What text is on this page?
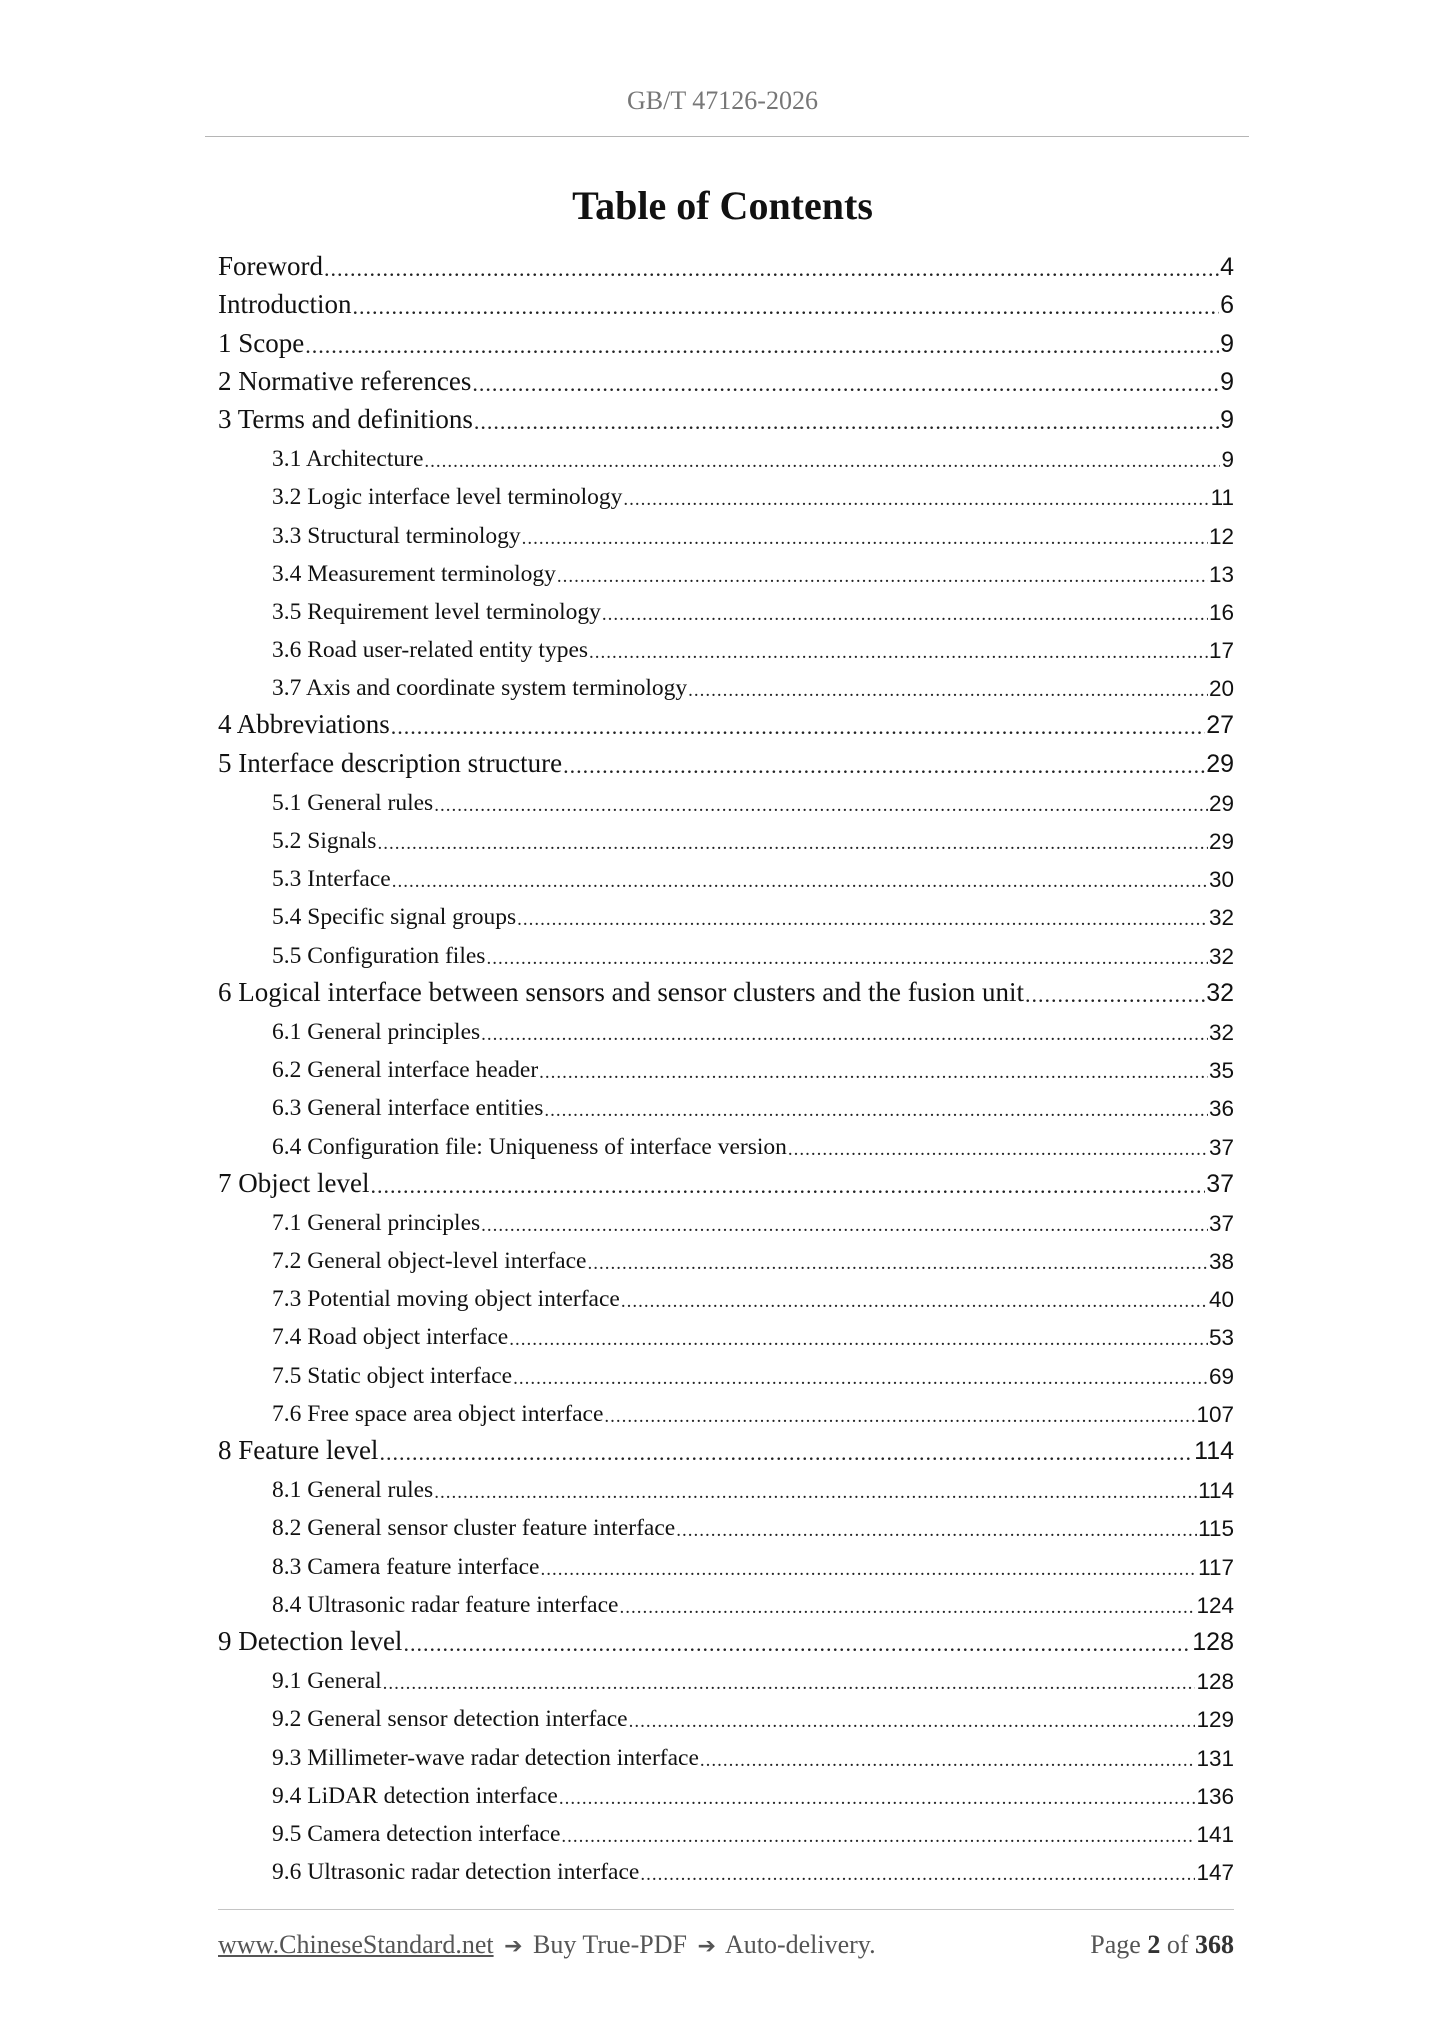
GB/T 47126-2026
Table of Contents
Foreword .....	4
Introduction .....	6
1 Scope .....	9
2 Normative references .....	9
3 Terms and definitions .....	9
3.1 Architecture .....	9
3.2 Logic interface level terminology .....	11
3.3 Structural terminology .....	12
3.4 Measurement terminology .....	13
3.5 Requirement level terminology .....	16
3.6 Road user-related entity types .....	17
3.7 Axis and coordinate system terminology .....	20
4 Abbreviations .....	27
5 Interface description structure .....	29
5.1 General rules .....	29
5.2 Signals .....	29
5.3 Interface .....	30
5.4 Specific signal groups .....	32
5.5 Configuration files .....	32
6 Logical interface between sensors and sensor clusters and the fusion unit .....	32
6.1 General principles .....	32
6.2 General interface header .....	35
6.3 General interface entities .....	36
6.4 Configuration file: Uniqueness of interface version .....	37
7 Object level .....	37
7.1 General principles .....	37
7.2 General object-level interface .....	38
7.3 Potential moving object interface .....	40
7.4 Road object interface .....	53
7.5 Static object interface .....	69
7.6 Free space area object interface .....	107
8 Feature level .....	114
8.1 General rules .....	114
8.2 General sensor cluster feature interface .....	115
8.3 Camera feature interface .....	117
8.4 Ultrasonic radar feature interface .....	124
9 Detection level .....	128
9.1 General .....	128
9.2 General sensor detection interface .....	129
9.3 Millimeter-wave radar detection interface .....	131
9.4 LiDAR detection interface .....	136
9.5 Camera detection interface .....	141
9.6 Ultrasonic radar detection interface .....	147
www.ChineseStandard.net ➔ Buy True-PDF ➔ Auto-delivery.	Page 2 of 368
